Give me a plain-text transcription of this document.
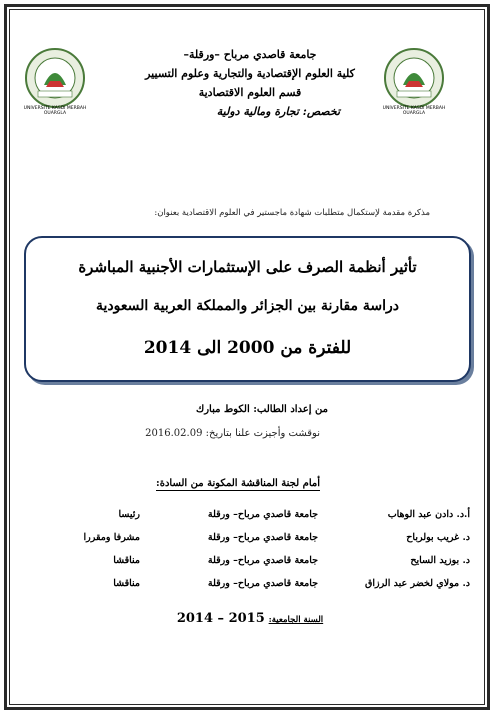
UNIVERSITE KASDI MERBAH OUARGLA
UNIVERSITE KASDI MERBAH OUARGLA
جامعة قاصدي مرباح –ورقلة–
كلية العلوم الإقتصادية والتجارية وعلوم التسيير
قسم العلوم الاقتصادية
تخصص: تجارة ومالية دولية
مذكرة مقدمة لإستكمال متطلبات شهادة ماجستير في العلوم الاقتصادية بعنوان:
تأثير أنظمة الصرف على الإستثمارات الأجنبية المباشرة
دراسة مقارنة بين الجزائر والمملكة العربية السعودية
للفترة من 2000 الى 2014
من إعداد الطالب: الكوط مبارك
نوقشت وأجيزت علنا بتاريخ: 2016.02.09
أمام لجنة المناقشة المكونة من السادة:
أ.د. دادن عبد الوهاب
جامعة قاصدي مرباح– ورقلة
رئيسا
د. غريب بولرباح
جامعة قاصدي مرباح– ورقلة
مشرفا ومقررا
د. بوزيد السايح
جامعة قاصدي مرباح– ورقلة
مناقشا
د. مولاي لخضر عبد الرزاق
جامعة قاصدي مرباح– ورقلة
مناقشا
السنة الجامعية: 2015 – 2014
